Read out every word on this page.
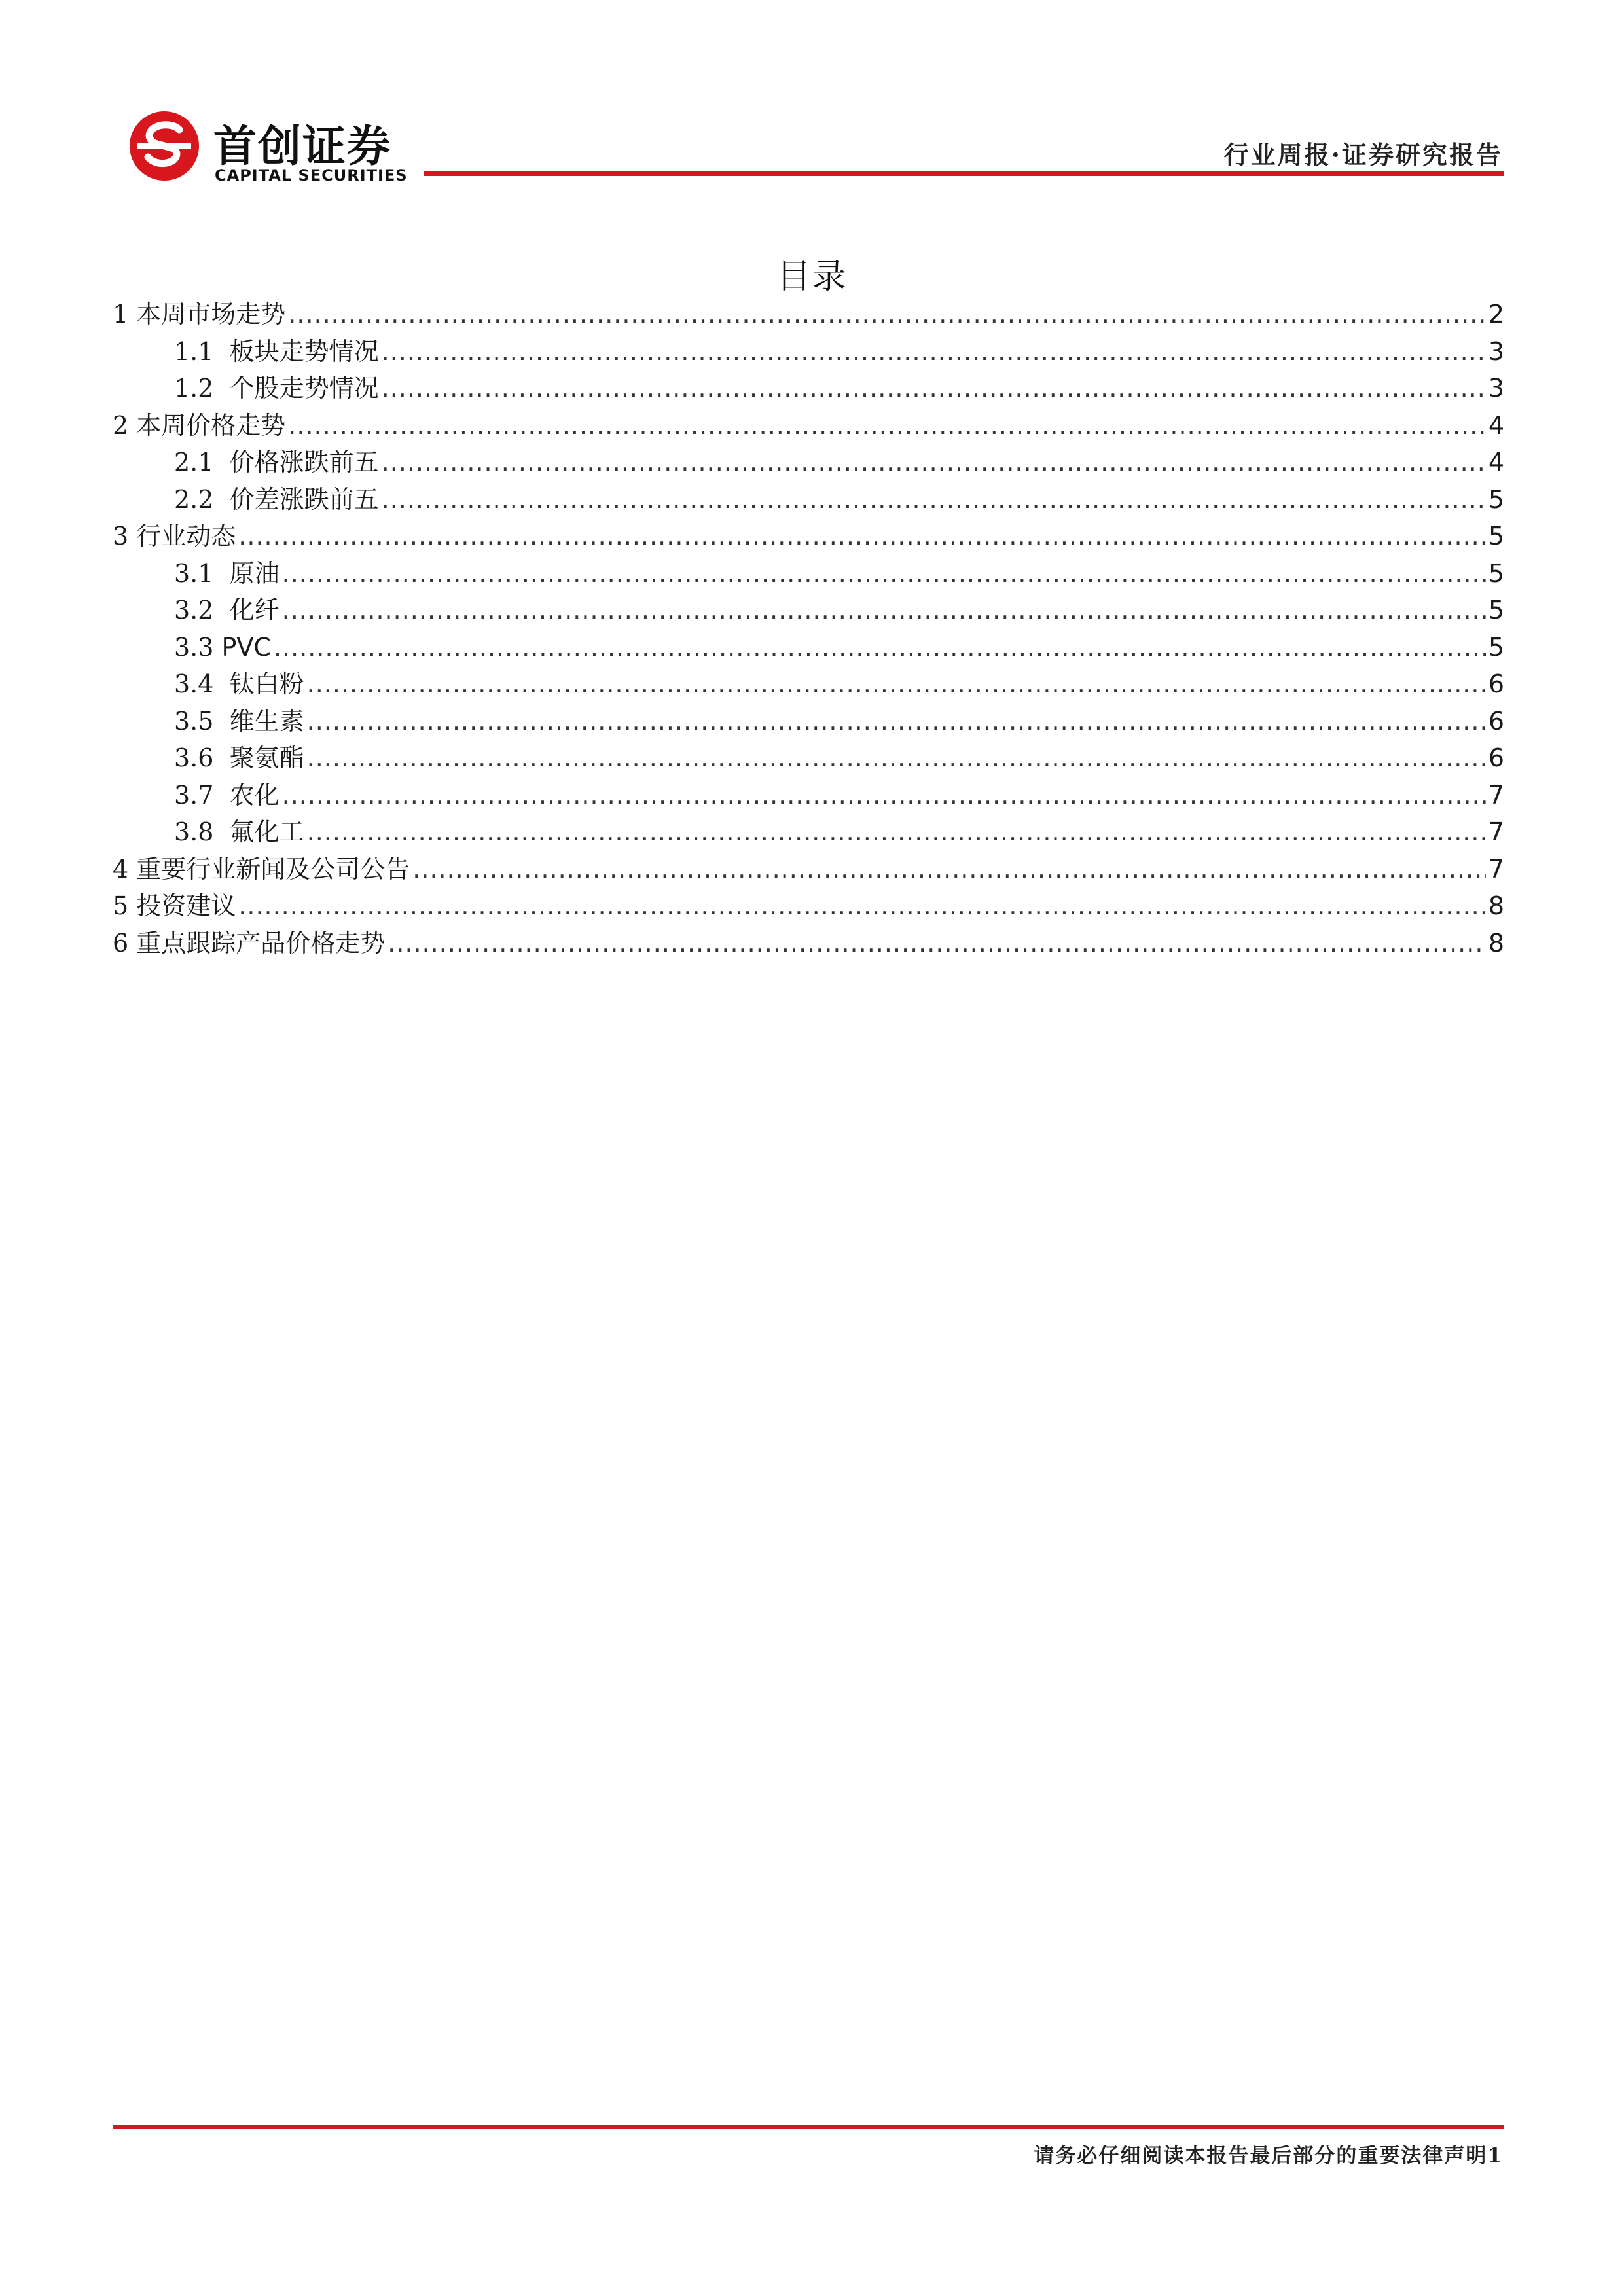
首创证券
CAPITAL SECURITIES
行业周报·证券研究报告
目录
1 本周市场走势 .....	2
1.1 板块走势情况 .....	3
1.2 个股走势情况 .....	3
2 本周价格走势 .....	4
2.1 价格涨跌前五 .....	4
2.2 价差涨跌前五 .....	5
3 行业动态 .....	5
3.1 原油 .....	5
3.2 化纤 .....	5
3.3 PVC .....	5
3.4 钛白粉 .....	6
3.5 维生素 .....	6
3.6 聚氨酯 .....	6
3.7 农化 .....	7
3.8 氟化工 .....	7
4 重要行业新闻及公司公告 .....	7
5 投资建议 .....	8
6 重点跟踪产品价格走势 .....	8
请务必仔细阅读本报告最后部分的重要法律声明1
